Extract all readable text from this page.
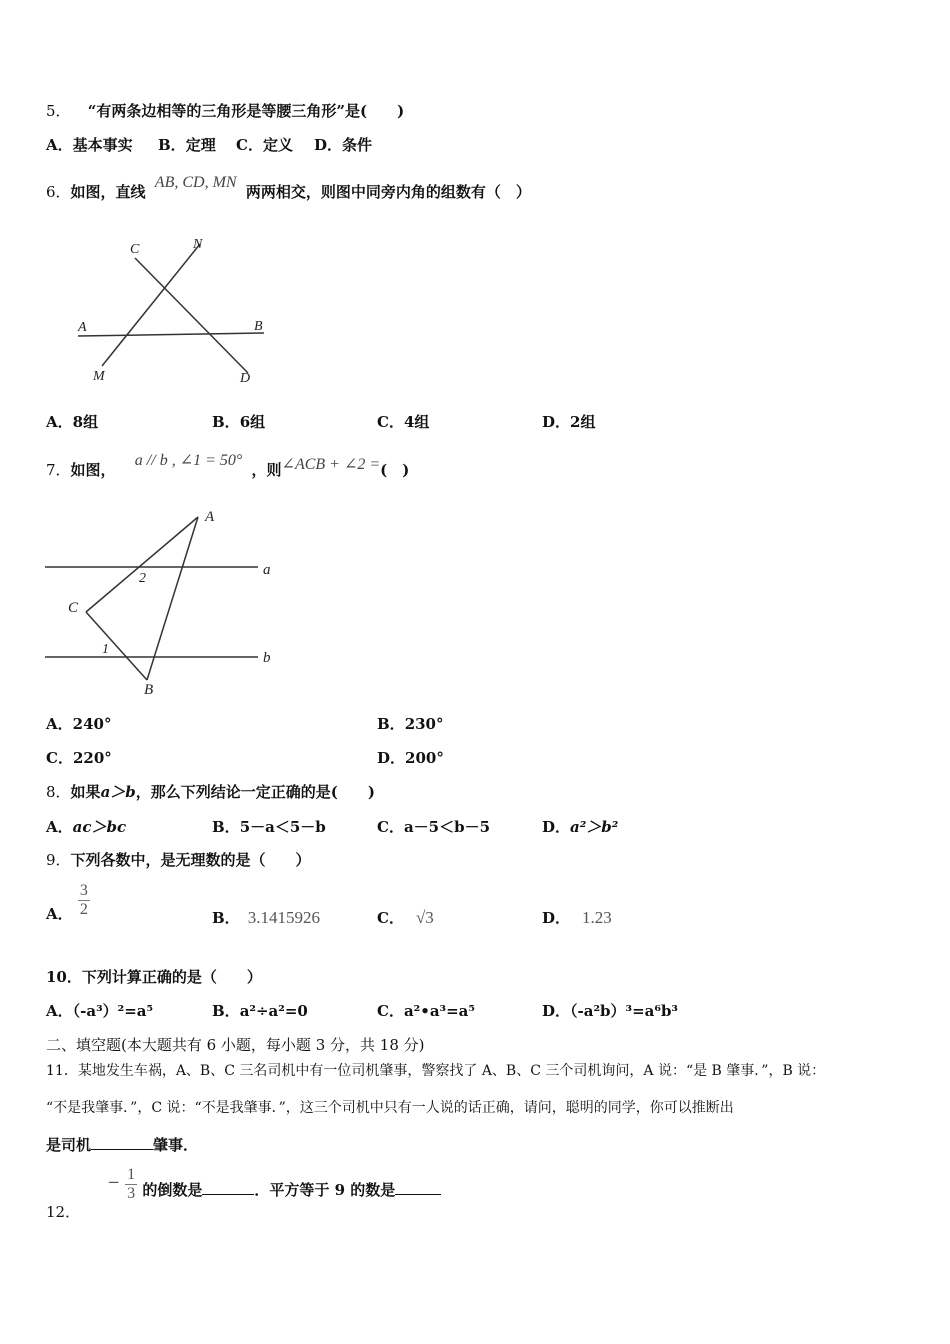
5． “有两条边相等的三角形是等腰三角形”是(　　)
A．基本事实 B．定理 C．定义 D．条件
6．如图，直线 AB, CD, MN 两两相交，则图中同旁内角的组数有（　）
C	N
A	B
M	D
A．8组	B．6组	C．4组	D．2组
7．如图， a // b , ∠1 = 50° ，则∠ACB + ∠2 =(　)
A
a
2
C
1
b
B
A．240°	B．230°
C．220°	D．200°
8．如果a＞b，那么下列结论一定正确的是(　　)
A．ac＞bc	B．5－a＜5－b	C．a－5＜b－5	D．a²＞b²
9．下列各数中，是无理数的是（　　）
A． $\frac{3}{2}$	B． 3.1415926	C． √3	D． 1.23
10．下列计算正确的是（　　）
A．（-a³）²=a⁵	B．a²÷a²=0	C．a²•a³=a⁵	D．（-a²b）³=a⁶b³
二、填空题(本大题共有 6 小题，每小题 3 分，共 18 分)
11．某地发生车祸，A、B、C 三名司机中有一位司机肇事，警察找了 A、B、C 三个司机询问，A 说：“是 B 肇事．”，B 说：
“不是我肇事．”，C 说：“不是我肇事．”，这三个司机中只有一人说的话正确，请问，聪明的同学，你可以推断出
是司机	肇事．
12． − $\frac{1}{3}$ 的倒数是	．平方等于 9 的数是
